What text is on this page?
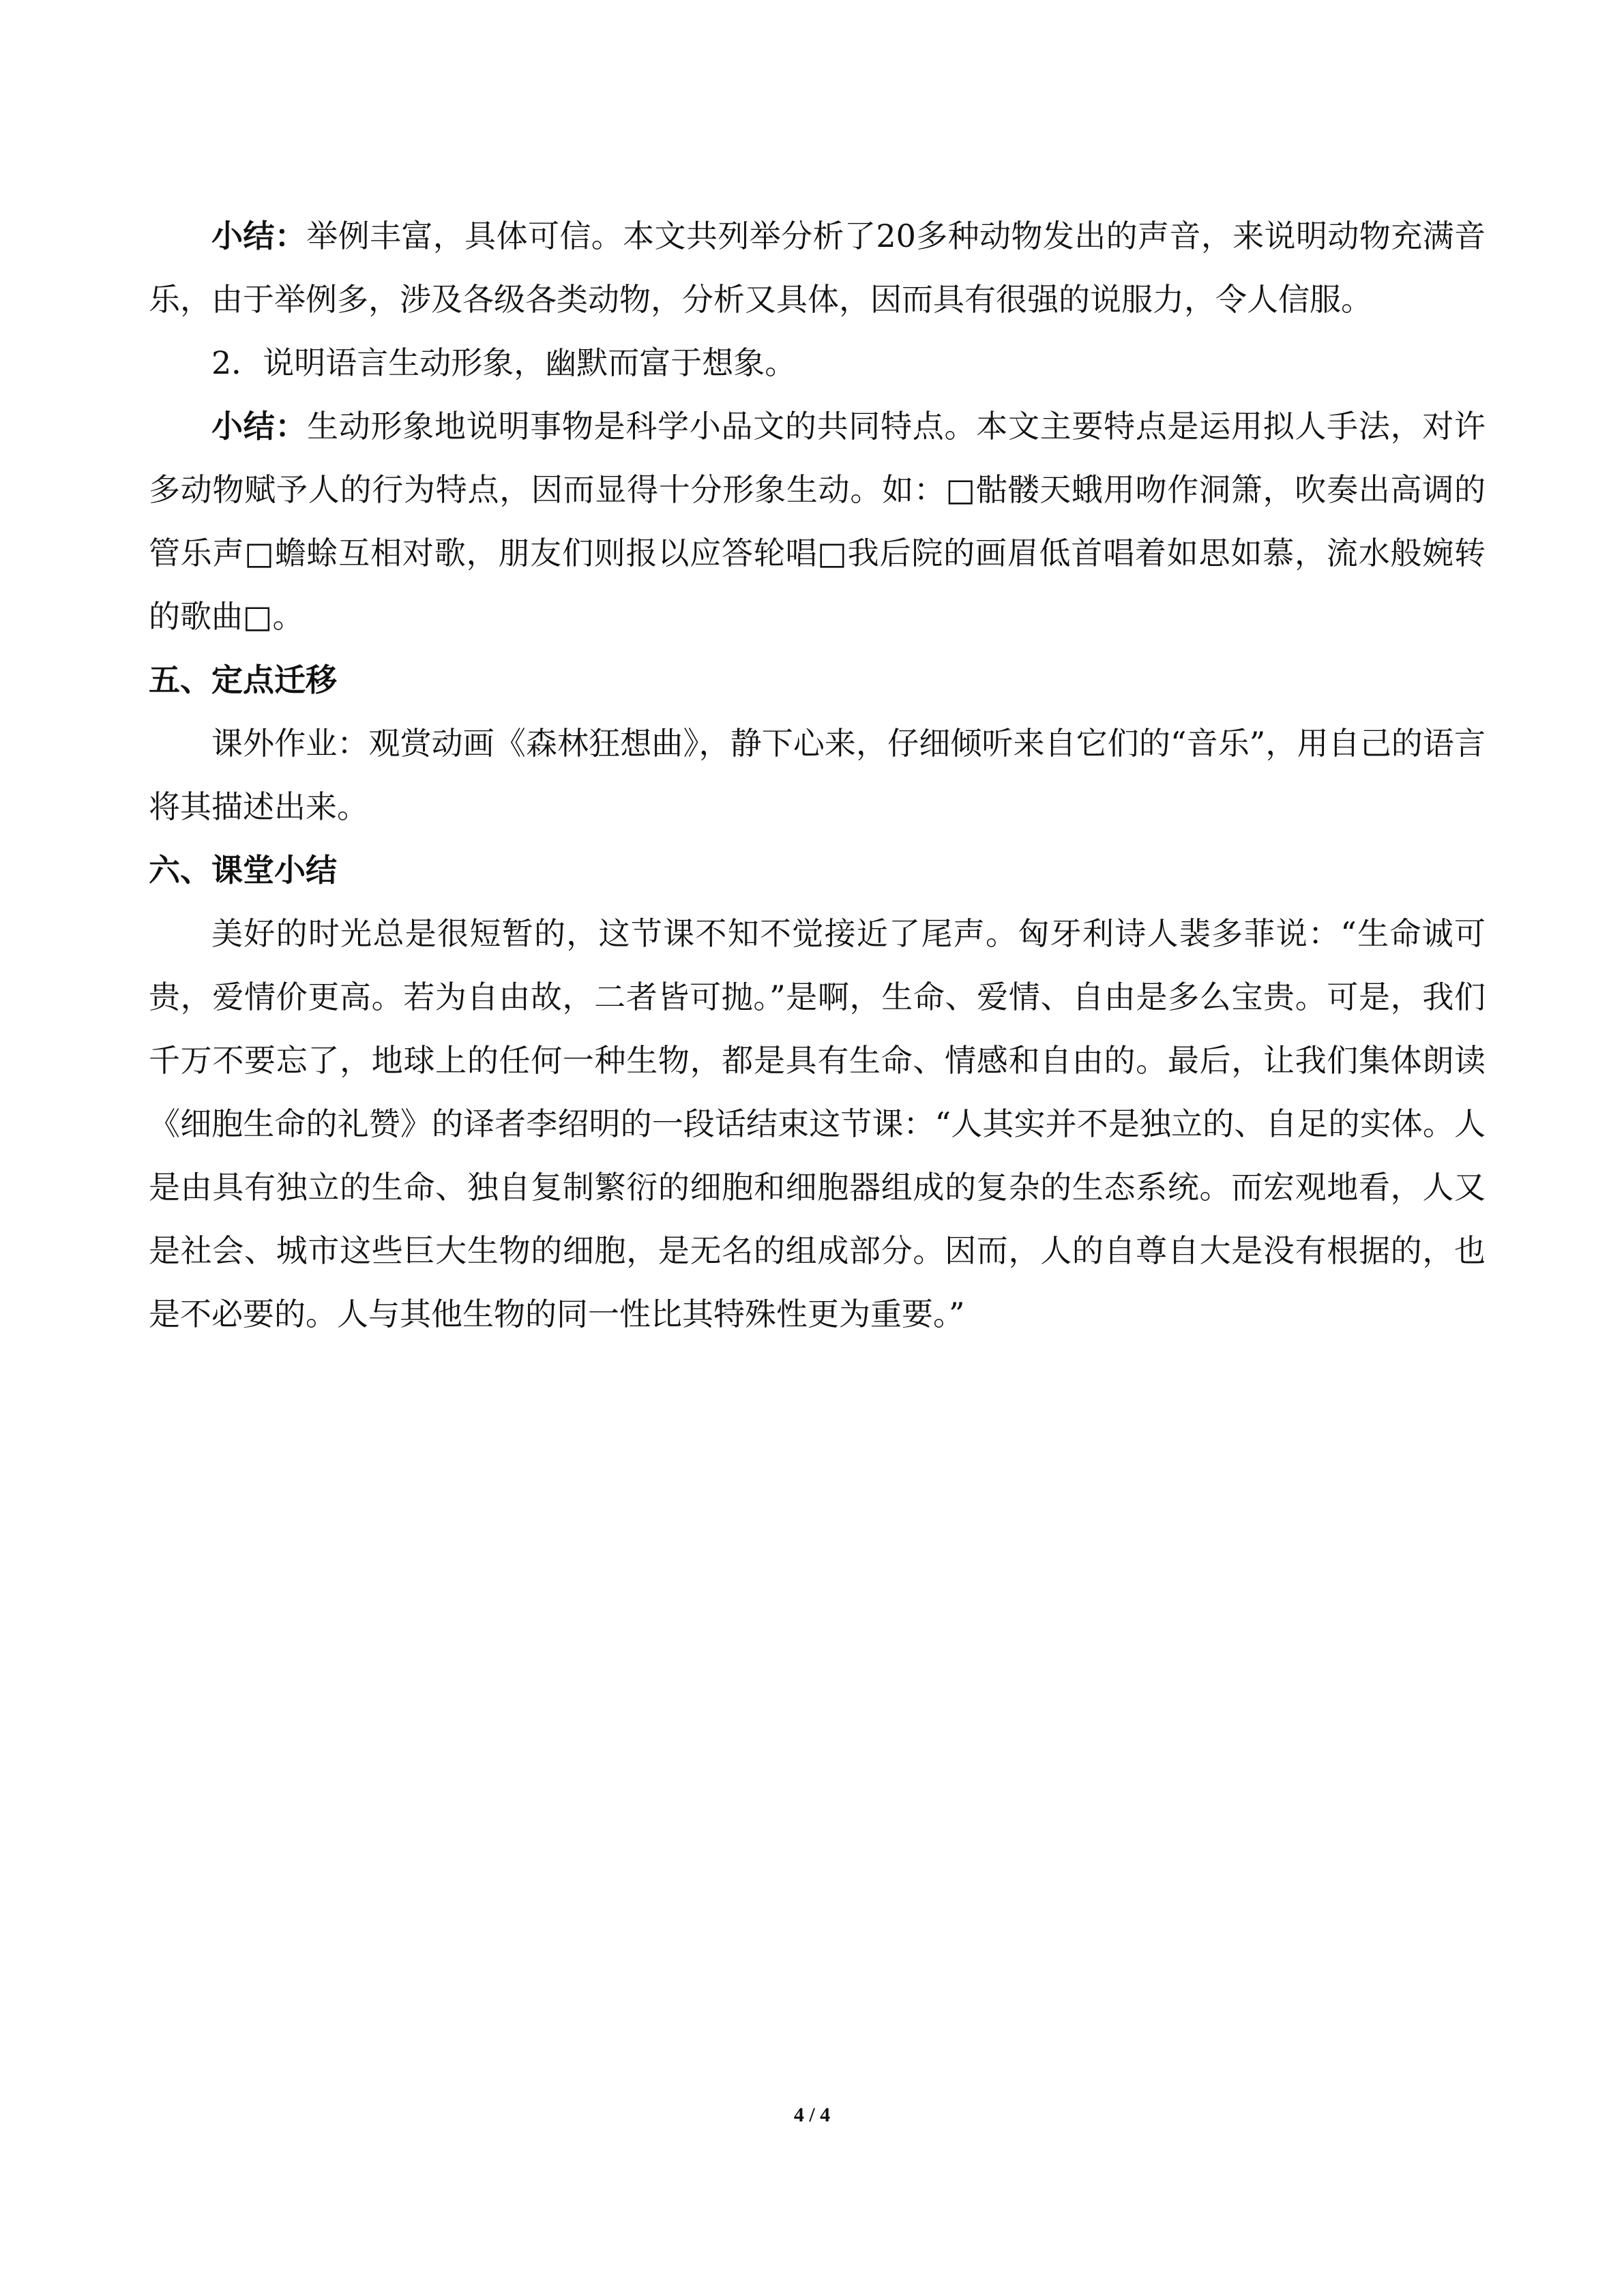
小结：举例丰富，具体可信。本文共列举分析了20多种动物发出的声音，来说明动物充满音乐，由于举例多，涉及各级各类动物，分析又具体，因而具有很强的说服力，令人信服。

2．说明语言生动形象，幽默而富于想象。

小结：生动形象地说明事物是科学小品文的共同特点。本文主要特点是运用拟人手法，对许多动物赋予人的行为特点，因而显得十分形象生动。如：□骷髅天蛾用吻作洞箫，吹奏出高调的管乐声□蟾蜍互相对歌，朋友们则报以应答轮唱□我后院的画眉低首唱着如思如慕，流水般婉转的歌曲□。

五、定点迁移

课外作业：观赏动画《森林狂想曲》，静下心来，仔细倾听来自它们的“音乐”，用自己的语言将其描述出来。

六、课堂小结

美好的时光总是很短暂的，这节课不知不觉接近了尾声。匈牙利诗人裴多菲说：“生命诚可贵，爱情价更高。若为自由故，二者皆可抛。”是啊，生命、爱情、自由是多么宝贵。可是，我们千万不要忘了，地球上的任何一种生物，都是具有生命、情感和自由的。最后，让我们集体朗读《细胞生命的礼赞》的译者李绍明的一段话结束这节课：“人其实并不是独立的、自足的实体。人是由具有独立的生命、独自复制繁衍的细胞和细胞器组成的复杂的生态系统。而宏观地看，人又是社会、城市这些巨大生物的细胞，是无名的组成部分。因而，人的自尊自大是没有根据的，也是不必要的。人与其他生物的同一性比其特殊性更为重要。”

4 / 4
